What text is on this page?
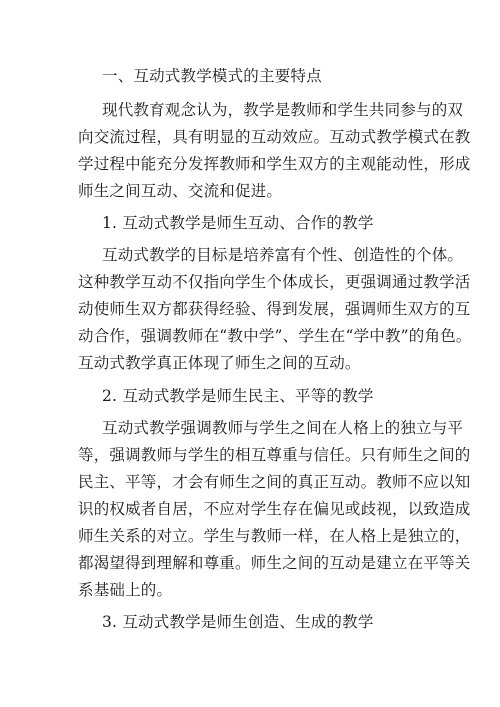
一、互动式教学模式的主要特点
现代教育观念认为，教学是教师和学生共同参与的双
向交流过程，具有明显的互动效应。互动式教学模式在教
学过程中能充分发挥教师和学生双方的主观能动性，形成
师生之间互动、交流和促进。
1. 互动式教学是师生互动、合作的教学
互动式教学的目标是培养富有个性、创造性的个体。
这种教学互动不仅指向学生个体成长，更强调通过教学活
动使师生双方都获得经验、得到发展，强调师生双方的互
动合作，强调教师在“教中学”、学生在“学中教”的角色。
互动式教学真正体现了师生之间的互动。
2. 互动式教学是师生民主、平等的教学
互动式教学强调教师与学生之间在人格上的独立与平
等，强调教师与学生的相互尊重与信任。只有师生之间的
民主、平等，才会有师生之间的真正互动。教师不应以知
识的权威者自居，不应对学生存在偏见或歧视，以致造成
师生关系的对立。学生与教师一样，在人格上是独立的，
都渴望得到理解和尊重。师生之间的互动是建立在平等关
系基础上的。
3. 互动式教学是师生创造、生成的教学
